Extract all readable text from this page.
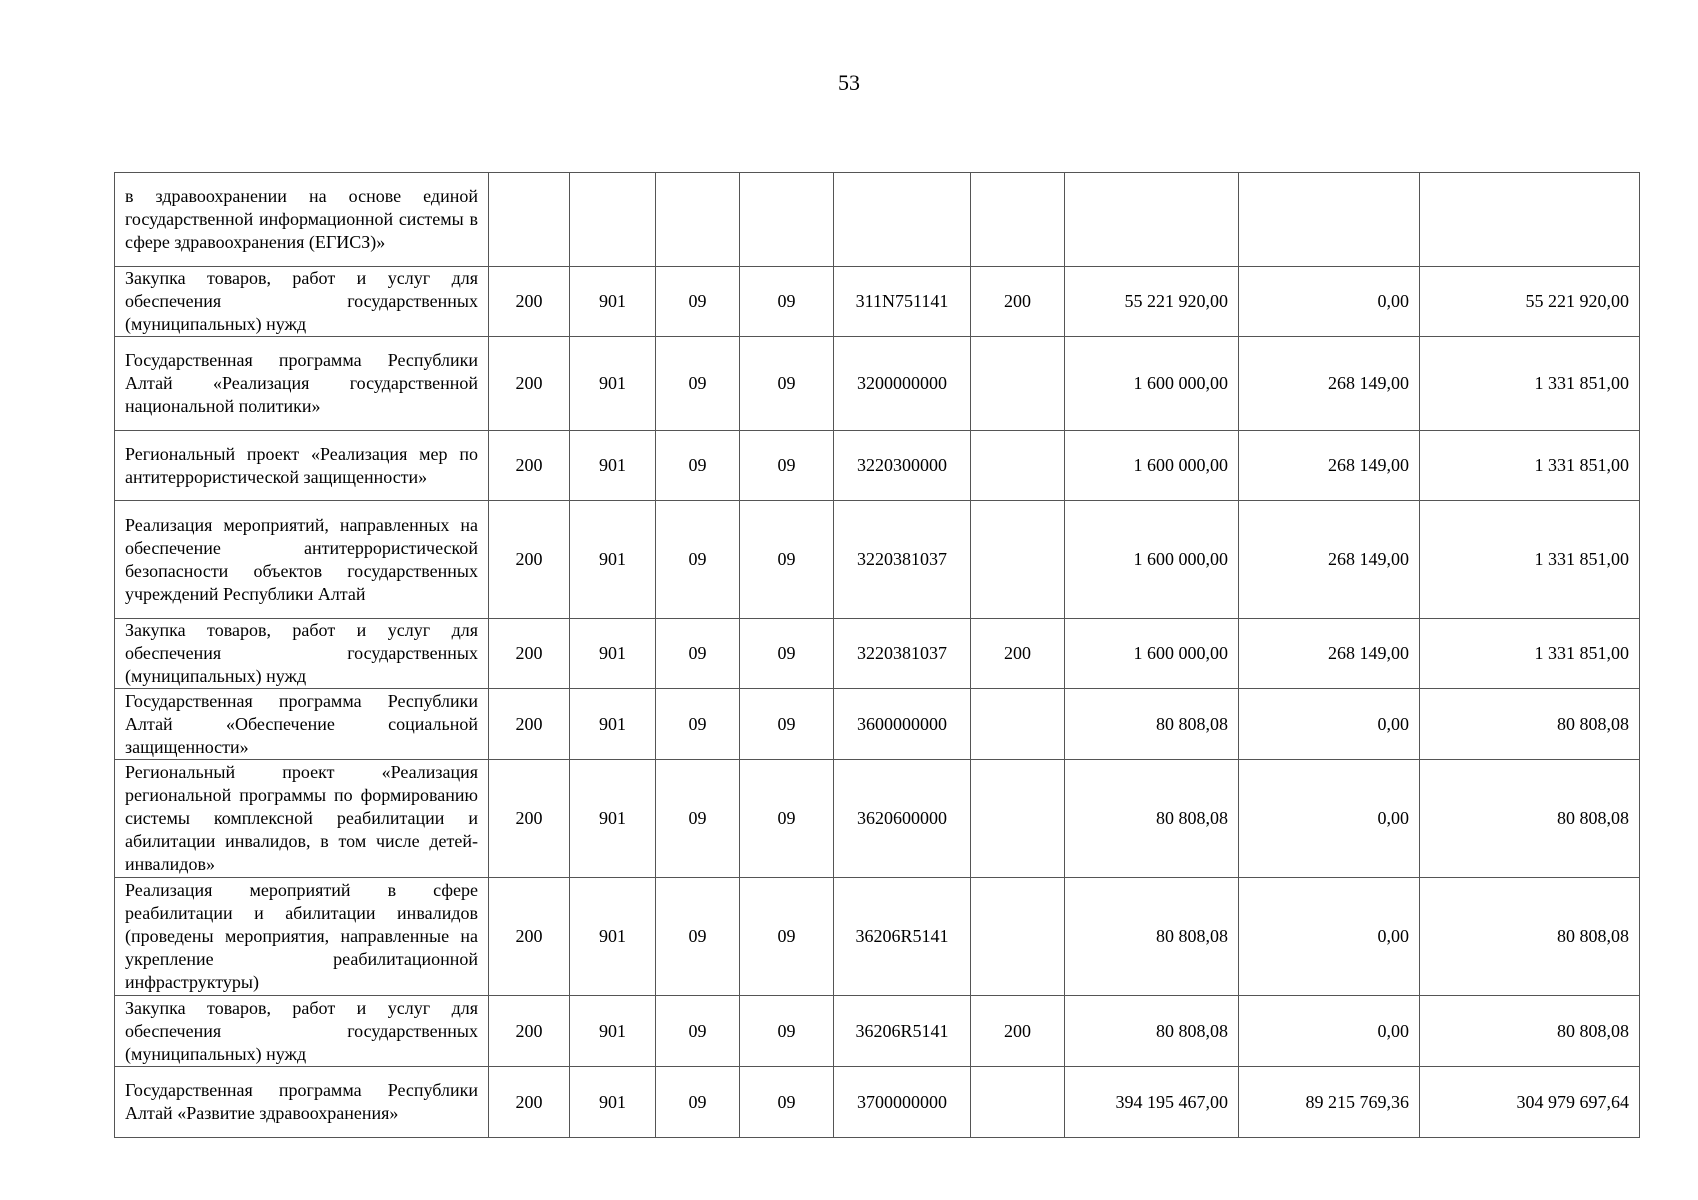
53
в здравоохранении на основе единой государственной информационной системы в сфере здравоохранения (ЕГИСЗ)»									
Закупка товаров, работ и услуг для обеспечения государственных (муниципальных) нужд	200	901	09	09	311N751141	200	55 221 920,00	0,00	55 221 920,00
Государственная программа Республики Алтай «Реализация государственной национальной политики»	200	901	09	09	3200000000		1 600 000,00	268 149,00	1 331 851,00
Региональный проект «Реализация мер по антитеррористической защищенности»	200	901	09	09	3220300000		1 600 000,00	268 149,00	1 331 851,00
Реализация мероприятий, направленных на обеспечение антитеррористической безопасности объектов государственных учреждений Республики Алтай	200	901	09	09	3220381037		1 600 000,00	268 149,00	1 331 851,00
Закупка товаров, работ и услуг для обеспечения государственных (муниципальных) нужд	200	901	09	09	3220381037	200	1 600 000,00	268 149,00	1 331 851,00
Государственная программа Республики Алтай «Обеспечение социальной защищенности»	200	901	09	09	3600000000		80 808,08	0,00	80 808,08
Региональный проект «Реализация региональной программы по формированию системы комплексной реабилитации и абилитации инвалидов, в том числе детей-инвалидов»	200	901	09	09	3620600000		80 808,08	0,00	80 808,08
Реализация мероприятий в сфере реабилитации и абилитации инвалидов (проведены мероприятия, направленные на укрепление реабилитационной инфраструктуры)	200	901	09	09	36206R5141		80 808,08	0,00	80 808,08
Закупка товаров, работ и услуг для обеспечения государственных (муниципальных) нужд	200	901	09	09	36206R5141	200	80 808,08	0,00	80 808,08
Государственная программа Республики Алтай «Развитие здравоохранения»	200	901	09	09	3700000000		394 195 467,00	89 215 769,36	304 979 697,64
